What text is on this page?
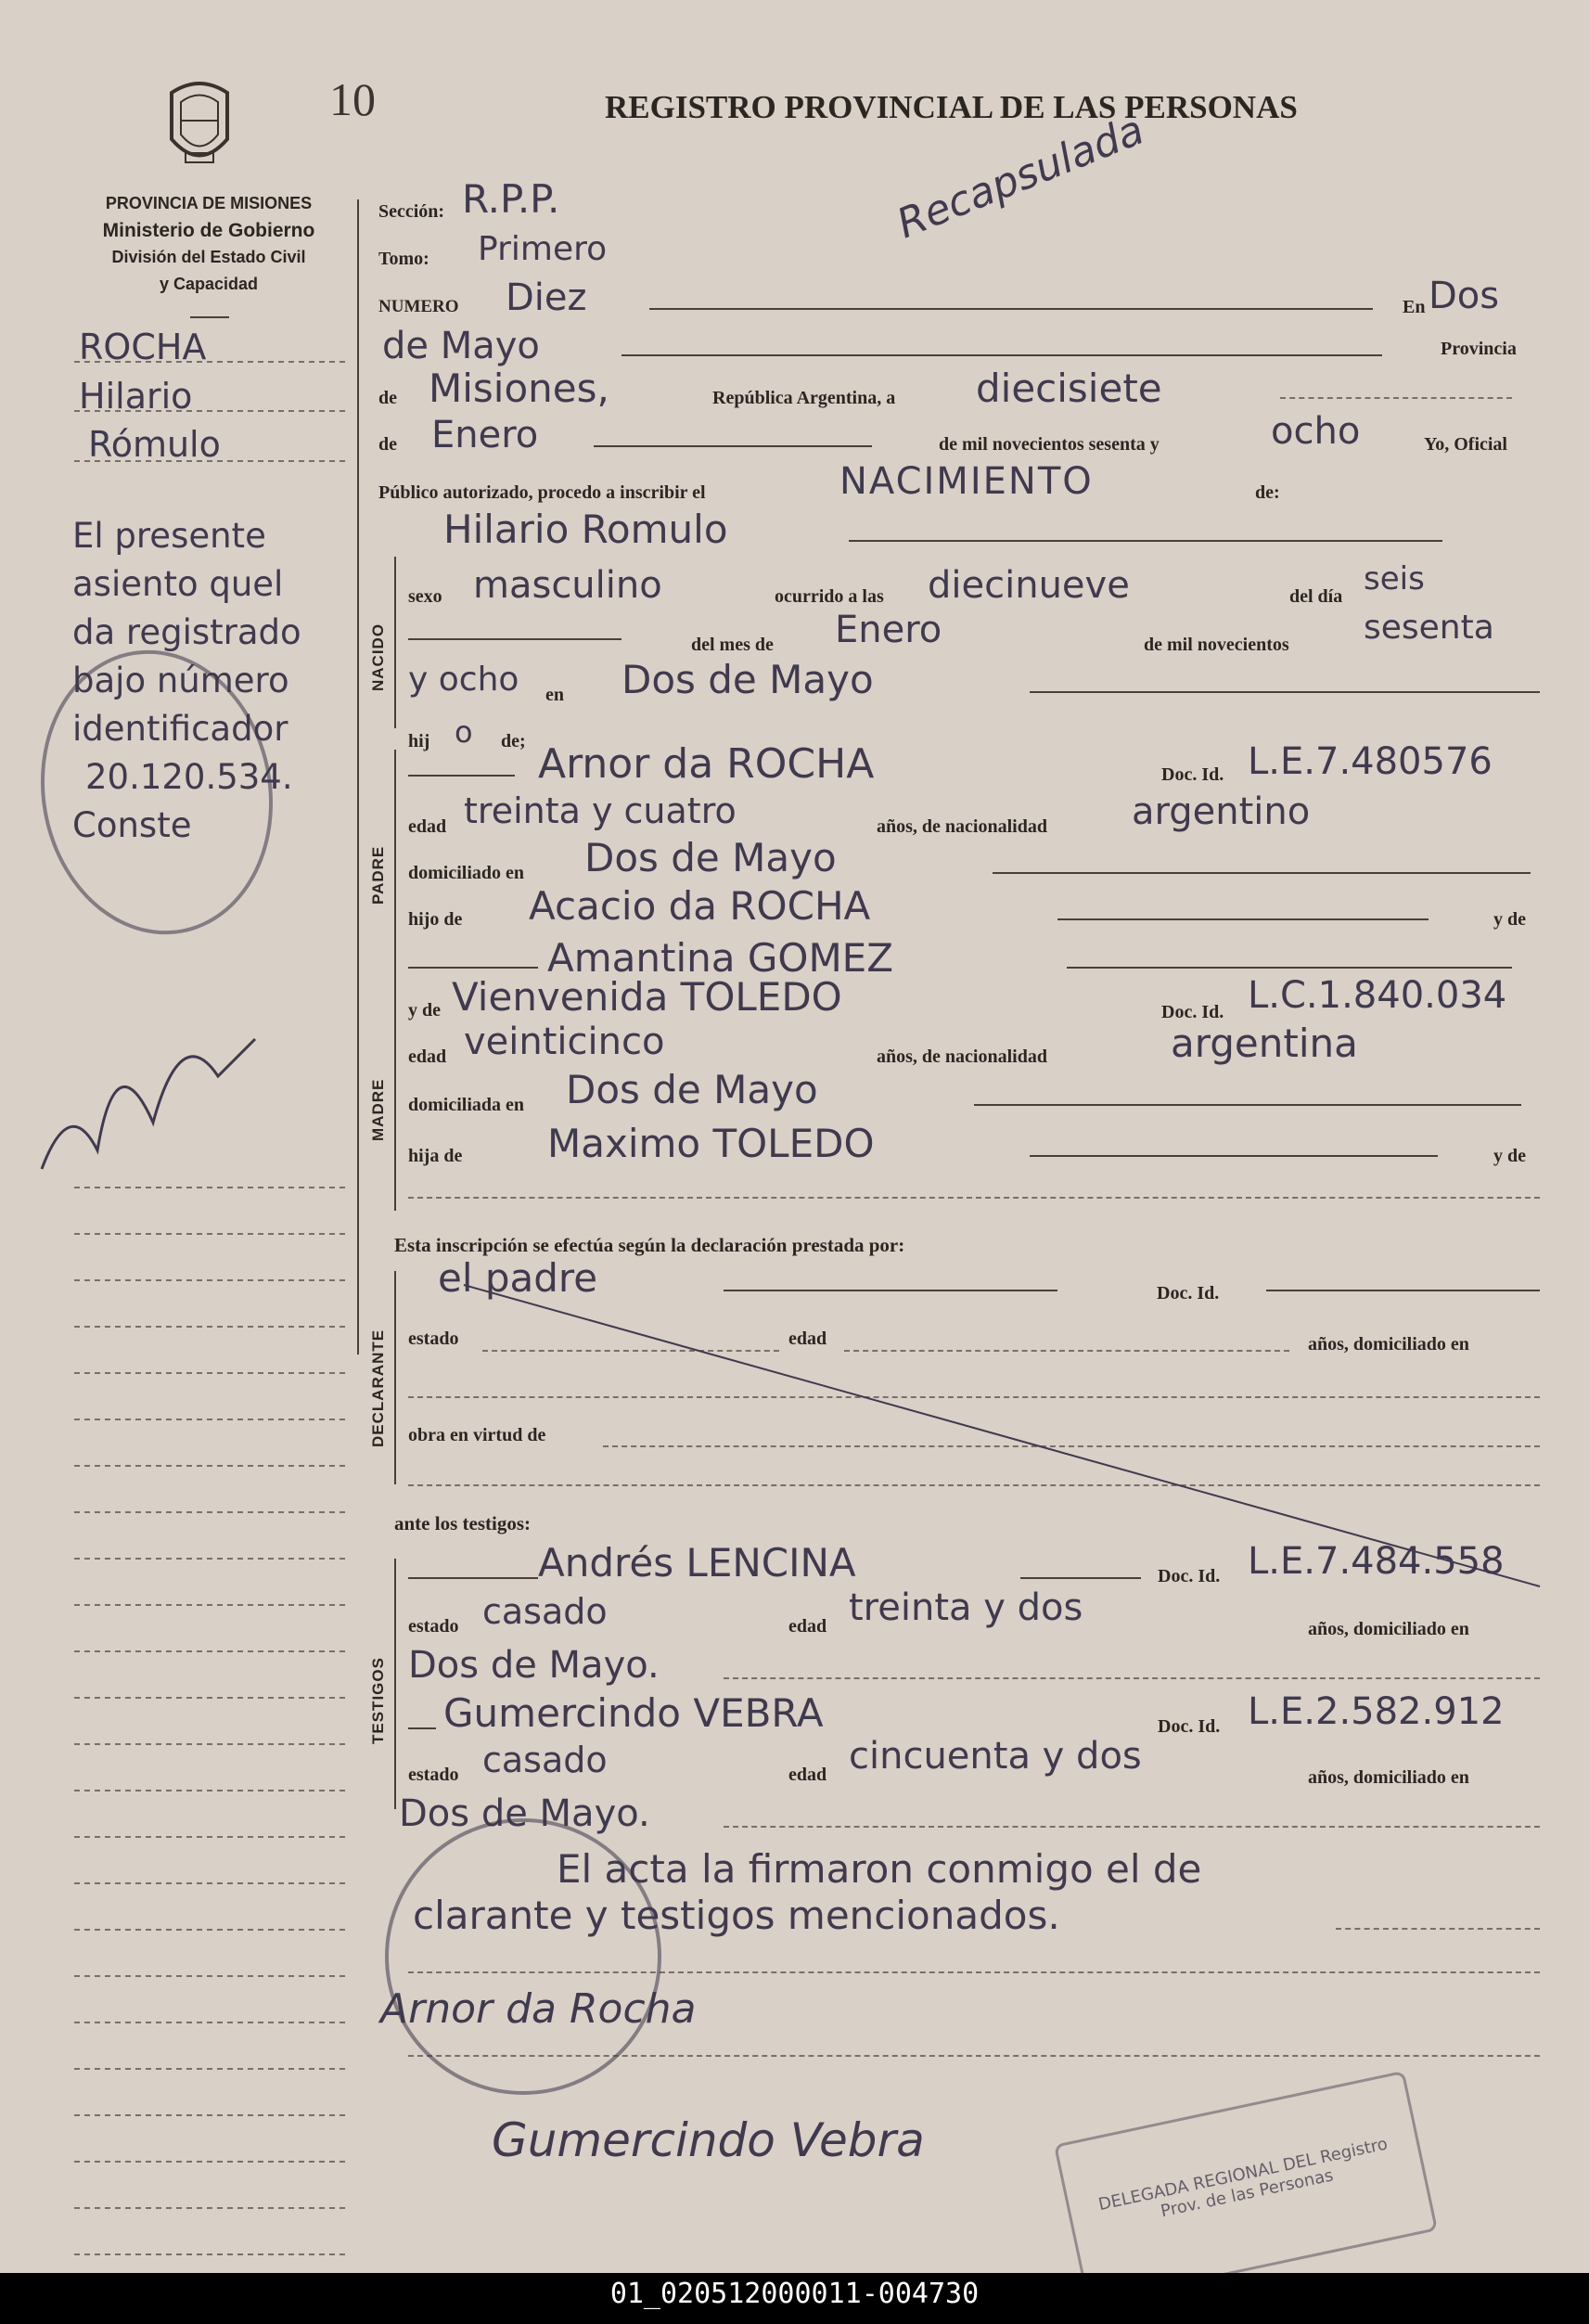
10	REGISTRO PROVINCIAL DE LAS PERSONAS
PROVINCIA DE MISIONES
Ministerio de Gobierno
División del Estado Civil
y Capacidad
ROCHA
Hilario
Rómulo
El presente
asiento quel
da registrado
bajo número
identificador
20.120.534.
Conste
Recapsulada
Sección: R.P.P.
Tomo: Primero
NUMERO Diez	En Dos
de Mayo	Provincia
de Misiones,	República Argentina, a diecisiete
de Enero	de mil novecientos sesenta y	ocho	Yo, Oficial
Público autorizado, procedo a inscribir el	NACIMIENTO	de:
Hilario Romulo
NACIDO
sexo masculino	ocurrido a las diecinueve	del día seis
del mes de Enero	de mil novecientos sesenta
y ocho en Dos de Mayo
hij o de;
PADRE
Arnor da ROCHA	Doc. Id. L.E.7.480576
edad treinta y cuatro	años, de nacionalidad argentino
domiciliado en Dos de Mayo
hijo de Acacio da ROCHA	y de
Amantina GOMEZ
y de Vienvenida TOLEDO	Doc. Id. L.C.1.840.034
MADRE
edad veinticinco	años, de nacionalidad	argentina
domiciliada en Dos de Mayo
hija de Maximo TOLEDO	y de
Esta inscripción se efectúa según la declaración prestada por:
DECLARANTE
el padre	Doc. Id.
estado	edad	años, domiciliado en
obra en virtud de
ante los testigos:
TESTIGOS
Andrés LENCINA	Doc. Id. L.E.7.484.558
estado casado	edad treinta y dos	años, domiciliado en
Dos de Mayo.
Gumercindo VEBRA	Doc. Id. L.E.2.582.912
estado casado	edad cincuenta y dos	años, domiciliado en
Dos de Mayo.
El acta la firmaron conmigo el de
clarante y testigos mencionados.
Arnor da Rocha
Gumercindo Vebra	DELEGADA REGIONAL DEL Registro Prov. de las Personas
01_020512000011-004730
